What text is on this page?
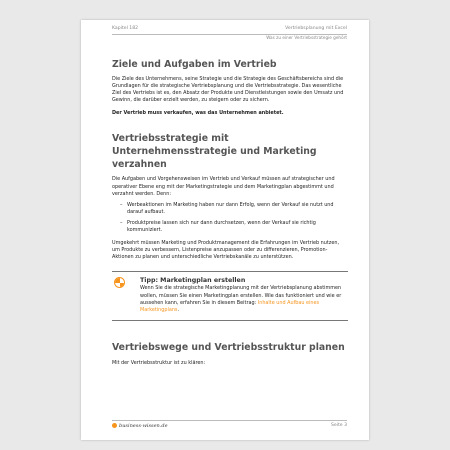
Kapitel 182	Vertriebsplanung mit Excel
Was zu einer Vertriebsstrategie gehört
Ziele und Aufgaben im Vertrieb

Die Ziele des Unternehmens, seine Strategie und die Strategie des Geschäftsbereichs sind die Grundlagen für die strategische Vertriebsplanung und die Vertriebsstrategie. Das wesentliche Ziel des Vertriebs ist es, den Absatz der Produkte und Dienstleistungen sowie den Umsatz und Gewinn, die darüber erzielt werden, zu steigern oder zu sichern.

Der Vertrieb muss verkaufen, was das Unternehmen anbietet.

Vertriebsstrategie mit Unternehmensstrategie und Marketing verzahnen

Die Aufgaben und Vorgehensweisen im Vertrieb und Verkauf müssen auf strategischer und operativer Ebene eng mit der Marketingstrategie und dem Marketingplan abgestimmt und verzahnt werden. Denn:

– Werbeaktionen im Marketing haben nur dann Erfolg, wenn der Verkauf sie nutzt und darauf aufbaut.
– Produktpreise lassen sich nur dann durchsetzen, wenn der Verkauf sie richtig kommuniziert.

Umgekehrt müssen Marketing und Produktmanagement die Erfahrungen im Vertrieb nutzen, um Produkte zu verbessern, Listenpreise anzupassen oder zu differenzieren, Promotion-Aktionen zu planen und unterschiedliche Vertriebskanäle zu unterstützen.

Tipp: Marketingplan erstellen

Wenn Sie die strategische Marketingplanung mit der Vertriebsplanung abstimmen wollen, müssen Sie einen Marketingplan erstellen. Wie das funktioniert und wie er aussehen kann, erfahren Sie in diesem Beitrag: Inhalte und Aufbau eines Marketingplans.

Vertriebswege und Vertriebsstruktur planen

Mit der Vertriebsstruktur ist zu klären:

business-wissen.de	Seite 3
